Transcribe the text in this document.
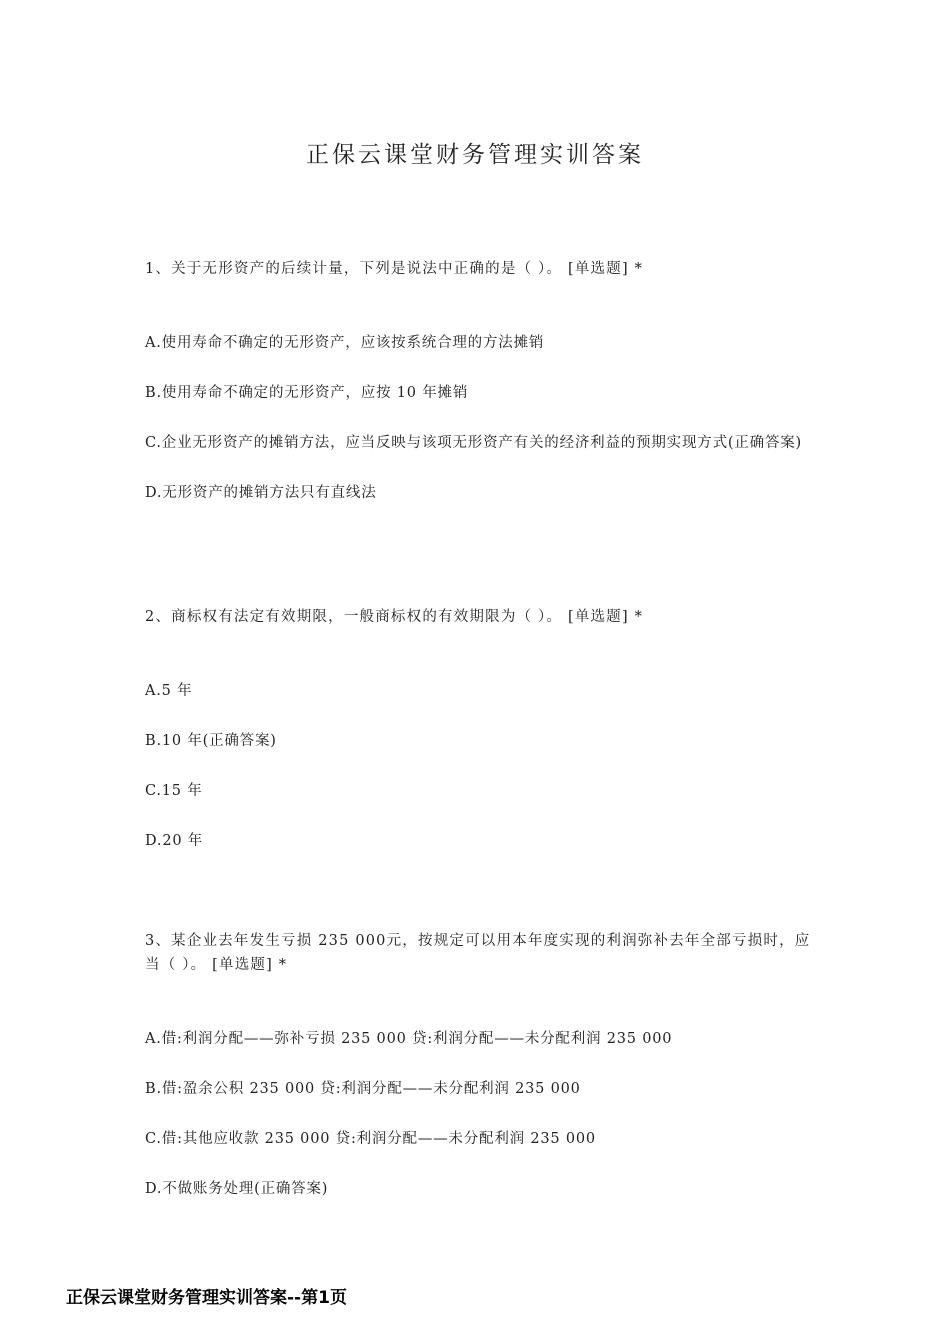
正保云课堂财务管理实训答案

1、关于无形资产的后续计量，下列是说法中正确的是（ ）。 [单选题] *

A.使用寿命不确定的无形资产，应该按系统合理的方法摊销
B.使用寿命不确定的无形资产，应按 10 年摊销
C.企业无形资产的摊销方法，应当反映与该项无形资产有关的经济利益的预期实现方式(正确答案)
D.无形资产的摊销方法只有直线法

2、商标权有法定有效期限，一般商标权的有效期限为（ ）。 [单选题] *

A.5 年
B.10 年(正确答案)
C.15 年
D.20 年

3、某企业去年发生亏损 235 000元，按规定可以用本年度实现的利润弥补去年全部亏损时，应当（ ）。 [单选题] *

A.借:利润分配——弥补亏损 235 000 贷:利润分配——未分配利润 235 000
B.借:盈余公积 235 000 贷:利润分配——未分配利润 235 000
C.借:其他应收款 235 000 贷:利润分配——未分配利润 235 000
D.不做账务处理(正确答案)
正保云课堂财务管理实训答案--第1页
